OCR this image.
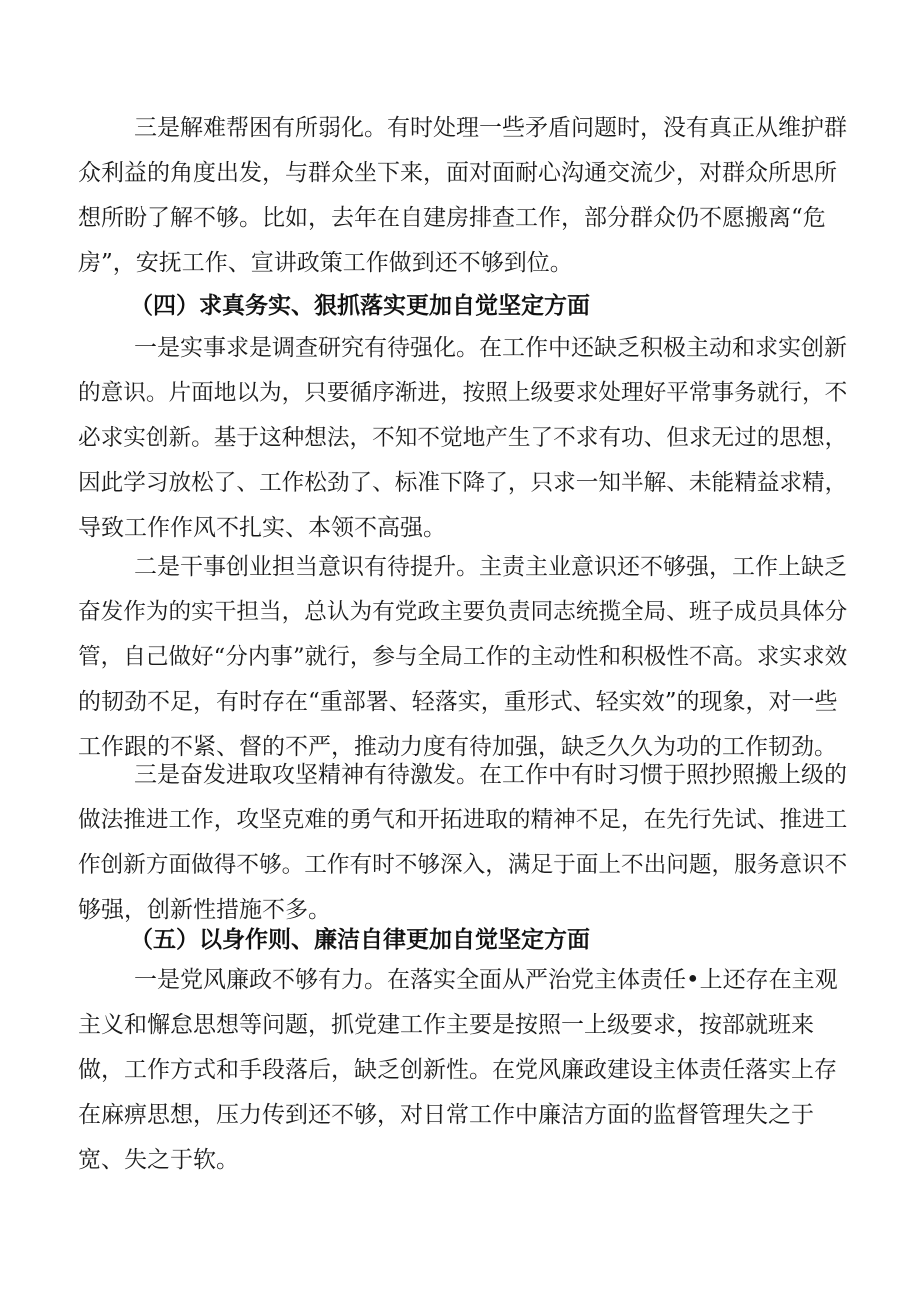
三是解难帮困有所弱化。有时处理一些矛盾问题时，没有真正从维护群
众利益的角度出发，与群众坐下来，面对面耐心沟通交流少，对群众所思所
想所盼了解不够。比如，去年在自建房排查工作，部分群众仍不愿搬离“危
房”，安抚工作、宣讲政策工作做到还不够到位。
（四）求真务实、狠抓落实更加自觉坚定方面
一是实事求是调查研究有待强化。在工作中还缺乏积极主动和求实创新
的意识。片面地以为，只要循序渐进，按照上级要求处理好平常事务就行，不
必求实创新。基于这种想法，不知不觉地产生了不求有功、但求无过的思想，
因此学习放松了、工作松劲了、标准下降了，只求一知半解、未能精益求精，
导致工作作风不扎实、本领不高强。
二是干事创业担当意识有待提升。主责主业意识还不够强，工作上缺乏
奋发作为的实干担当，总认为有党政主要负责同志统揽全局、班子成员具体分
管，自己做好“分内事”就行，参与全局工作的主动性和积极性不高。求实求效
的韧劲不足，有时存在“重部署、轻落实，重形式、轻实效”的现象，对一些
工作跟的不紧、督的不严，推动力度有待加强，缺乏久久为功的工作韧劲。
三是奋发进取攻坚精神有待激发。在工作中有时习惯于照抄照搬上级的
做法推进工作，攻坚克难的勇气和开拓进取的精神不足，在先行先试、推进工
作创新方面做得不够。工作有时不够深入，满足于面上不出问题，服务意识不
够强，创新性措施不多。
（五）以身作则、廉洁自律更加自觉坚定方面
一是党风廉政不够有力。在落实全面从严治党主体责任•上还存在主观
主义和懈怠思想等问题，抓党建工作主要是按照一上级要求，按部就班来
做，工作方式和手段落后，缺乏创新性。在党风廉政建设主体责任落实上存
在麻痹思想，压力传到还不够，对日常工作中廉洁方面的监督管理失之于
宽、失之于软。
